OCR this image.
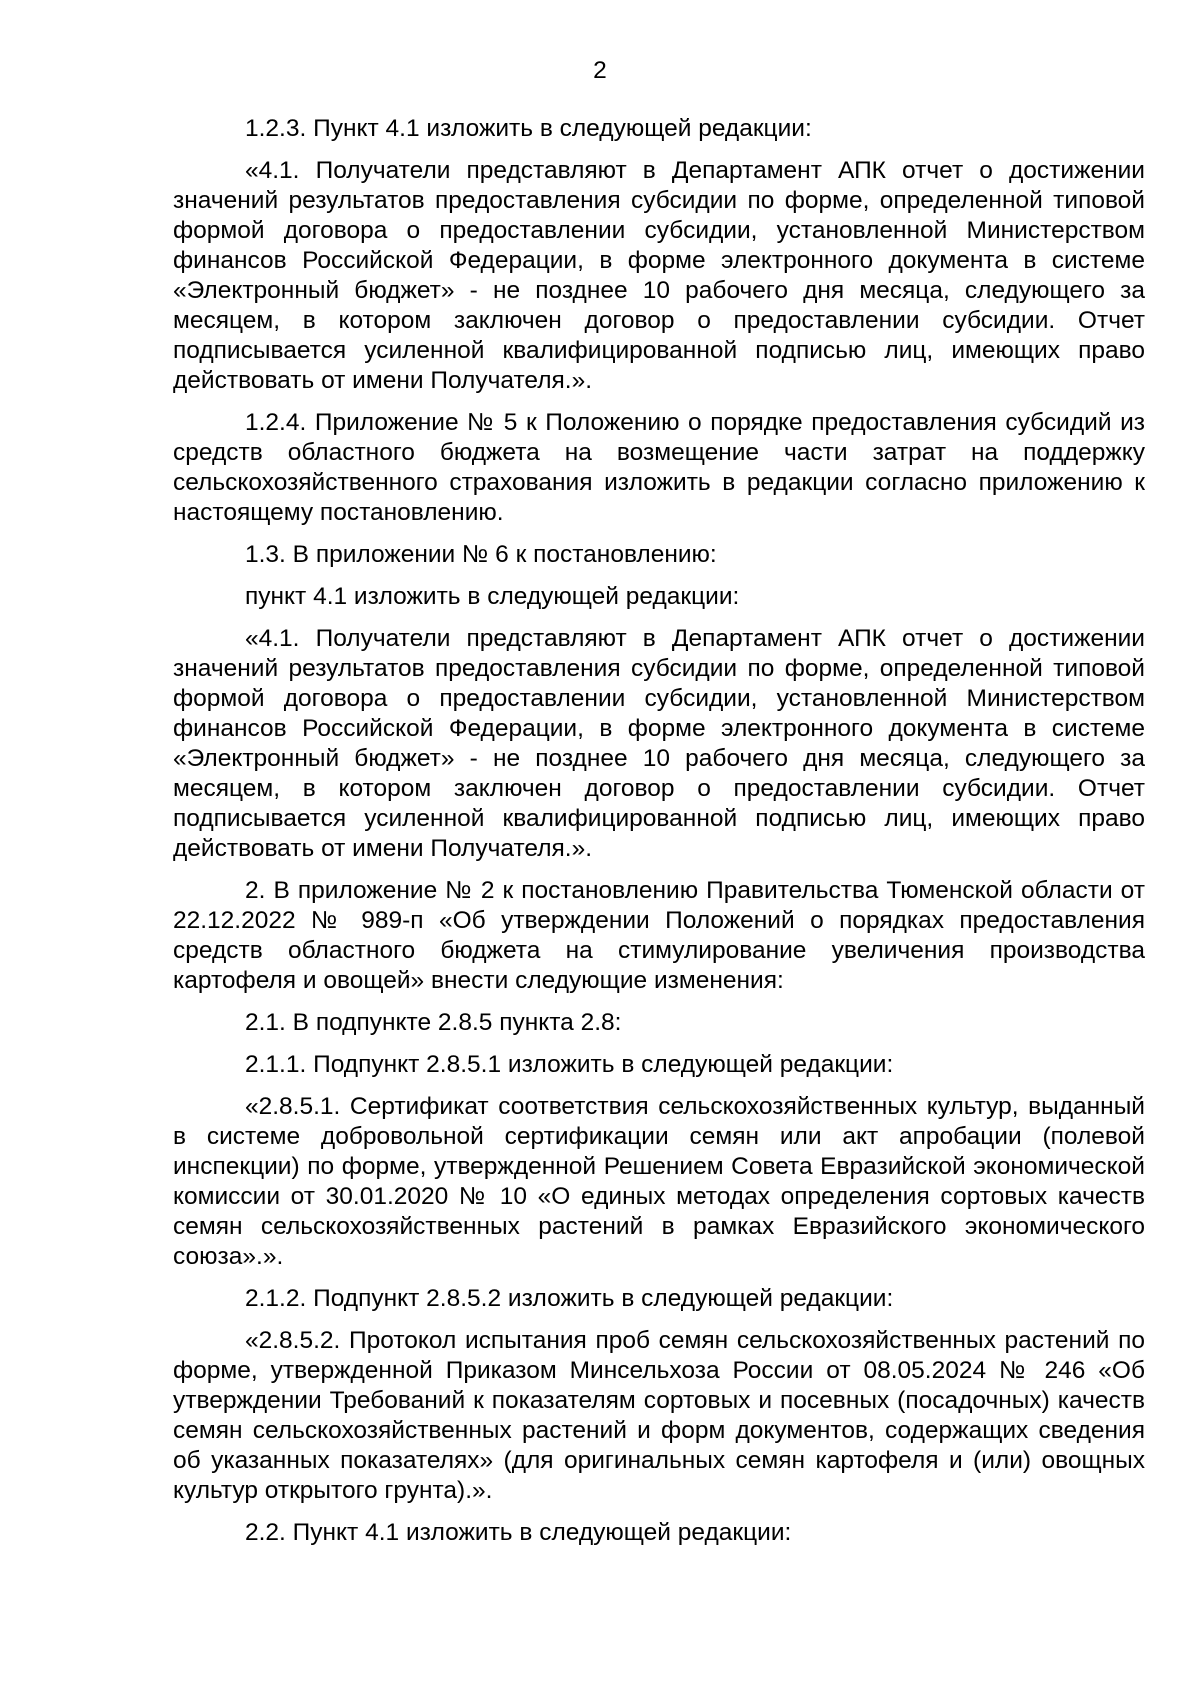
2

1.2.3. Пункт 4.1 изложить в следующей редакции:

«4.1. Получатели представляют в Департамент АПК отчет о достижении значений результатов предоставления субсидии по форме, определенной типовой формой договора о предоставлении субсидии, установленной Министерством финансов Российской Федерации, в форме электронного документа в системе «Электронный бюджет» - не позднее 10 рабочего дня месяца, следующего за месяцем, в котором заключен договор о предоставлении субсидии. Отчет подписывается усиленной квалифицированной подписью лиц, имеющих право действовать от имени Получателя.».

1.2.4. Приложение № 5 к Положению о порядке предоставления субсидий из средств областного бюджета на возмещение части затрат на поддержку сельскохозяйственного страхования изложить в редакции согласно приложению к настоящему постановлению.

1.3. В приложении № 6 к постановлению:

пункт 4.1 изложить в следующей редакции:

«4.1. Получатели представляют в Департамент АПК отчет о достижении значений результатов предоставления субсидии по форме, определенной типовой формой договора о предоставлении субсидии, установленной Министерством финансов Российской Федерации, в форме электронного документа в системе «Электронный бюджет» - не позднее 10 рабочего дня месяца, следующего за месяцем, в котором заключен договор о предоставлении субсидии. Отчет подписывается усиленной квалифицированной подписью лиц, имеющих право действовать от имени Получателя.».

2. В приложение № 2 к постановлению Правительства Тюменской области от 22.12.2022 № 989-п «Об утверждении Положений о порядках предоставления средств областного бюджета на стимулирование увеличения производства картофеля и овощей» внести следующие изменения:

2.1. В подпункте 2.8.5 пункта 2.8:

2.1.1. Подпункт 2.8.5.1 изложить в следующей редакции:

«2.8.5.1. Сертификат соответствия сельскохозяйственных культур, выданный в системе добровольной сертификации семян или акт апробации (полевой инспекции) по форме, утвержденной Решением Совета Евразийской экономической комиссии от 30.01.2020 № 10 «О единых методах определения сортовых качеств семян сельскохозяйственных растений в рамках Евразийского экономического союза».».

2.1.2. Подпункт 2.8.5.2 изложить в следующей редакции:

«2.8.5.2. Протокол испытания проб семян сельскохозяйственных растений по форме, утвержденной Приказом Минсельхоза России от 08.05.2024 № 246 «Об утверждении Требований к показателям сортовых и посевных (посадочных) качеств семян сельскохозяйственных растений и форм документов, содержащих сведения об указанных показателях» (для оригинальных семян картофеля и (или) овощных культур открытого грунта).».

2.2. Пункт 4.1 изложить в следующей редакции:
